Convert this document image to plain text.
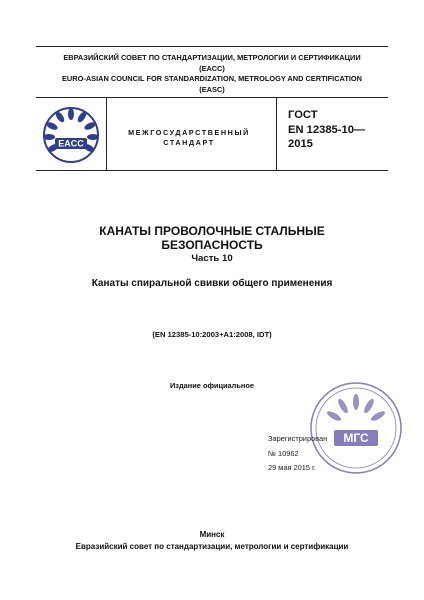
ЕВРАЗИЙСКИЙ СОВЕТ ПО СТАНДАРТИЗАЦИИ, МЕТРОЛОГИИ И СЕРТИФИКАЦИИ
(ЕАСС)
EURO-ASIAN COUNCIL FOR STANDARDIZATION, METROLOGY AND CERTIFICATION
(EASC)
EACC
МЕЖГОСУДАРСТВЕННЫЙ
СТАНДАРТ
ГОСТ
EN 12385-10—
2015
КАНАТЫ ПРОВОЛОЧНЫЕ СТАЛЬНЫЕ
БЕЗОПАСНОСТЬ
Часть 10
Канаты спиральной свивки общего применения
(EN 12385-10:2003+A1:2008, IDT)
Издание официальное
МГС
Зарегистрирован
№ 10962
29 мая 2015 г.
Минск
Евразийский совет по стандартизации, метрологии и сертификации
